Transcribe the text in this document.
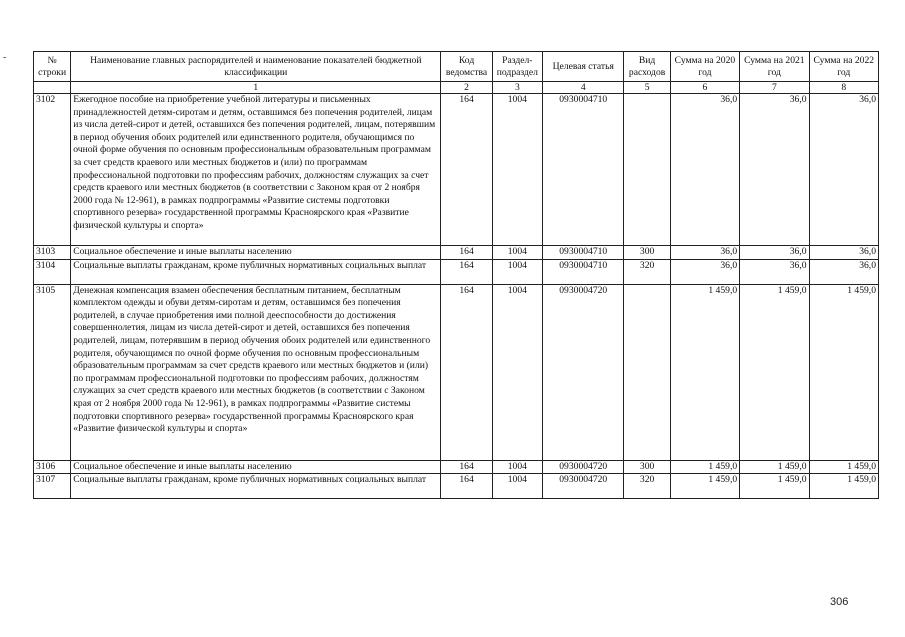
-	№ строки	Наименование главных распорядителей и наименование показателей бюджетной классификации	Код ведомства	Раздел-подраздел	Целевая статья	Вид расходов	Сумма на 2020 год	Сумма на 2021 год	Сумма на 2022 год
	1	2	3	4	5	6	7	8
3102	Ежегодное пособие на приобретение учебной литературы и письменных принадлежностей детям-сиротам и детям, оставшимся без попечения родителей, лицам из числа детей-сирот и детей, оставшихся без попечения родителей, лицам, потерявшим в период обучения обоих родителей или единственного родителя, обучающимся по очной форме обучения по основным профессиональным образовательным программам за счет средств краевого или местных бюджетов и (или) по программам профессиональной подготовки по профессиям рабочих, должностям служащих за счет средств краевого или местных бюджетов (в соответствии с Законом края от 2 ноября 2000 года № 12-961), в рамках подпрограммы «Развитие системы подготовки спортивного резерва» государственной программы Красноярского края «Развитие физической культуры и спорта»	164	1004	0930004710		36,0	36,0	36,0
3103	Социальное обеспечение и иные выплаты населению	164	1004	0930004710	300	36,0	36,0	36,0
3104	Социальные выплаты гражданам, кроме публичных нормативных социальных выплат	164	1004	0930004710	320	36,0	36,0	36,0
3105	Денежная компенсация взамен обеспечения бесплатным питанием, бесплатным комплектом одежды и обуви детям-сиротам и детям, оставшимся без попечения родителей, в случае приобретения ими полной дееспособности до достижения совершеннолетия, лицам из числа детей-сирот и детей, оставшихся без попечения родителей, лицам, потерявшим в период обучения обоих родителей или единственного родителя, обучающимся по очной форме обучения по основным профессиональным образовательным программам за счет средств краевого или местных бюджетов и (или) по программам профессиональной подготовки по профессиям рабочих, должностям служащих за счет средств краевого или местных бюджетов (в соответствии с Законом края от 2 ноября 2000 года № 12-961), в рамках подпрограммы «Развитие системы подготовки спортивного резерва» государственной программы Красноярского края «Развитие физической культуры и спорта»	164	1004	0930004720		1 459,0	1 459,0	1 459,0
3106	Социальное обеспечение и иные выплаты населению	164	1004	0930004720	300	1 459,0	1 459,0	1 459,0
3107	Социальные выплаты гражданам, кроме публичных нормативных социальных выплат	164	1004	0930004720	320	1 459,0	1 459,0	1 459,0
306
